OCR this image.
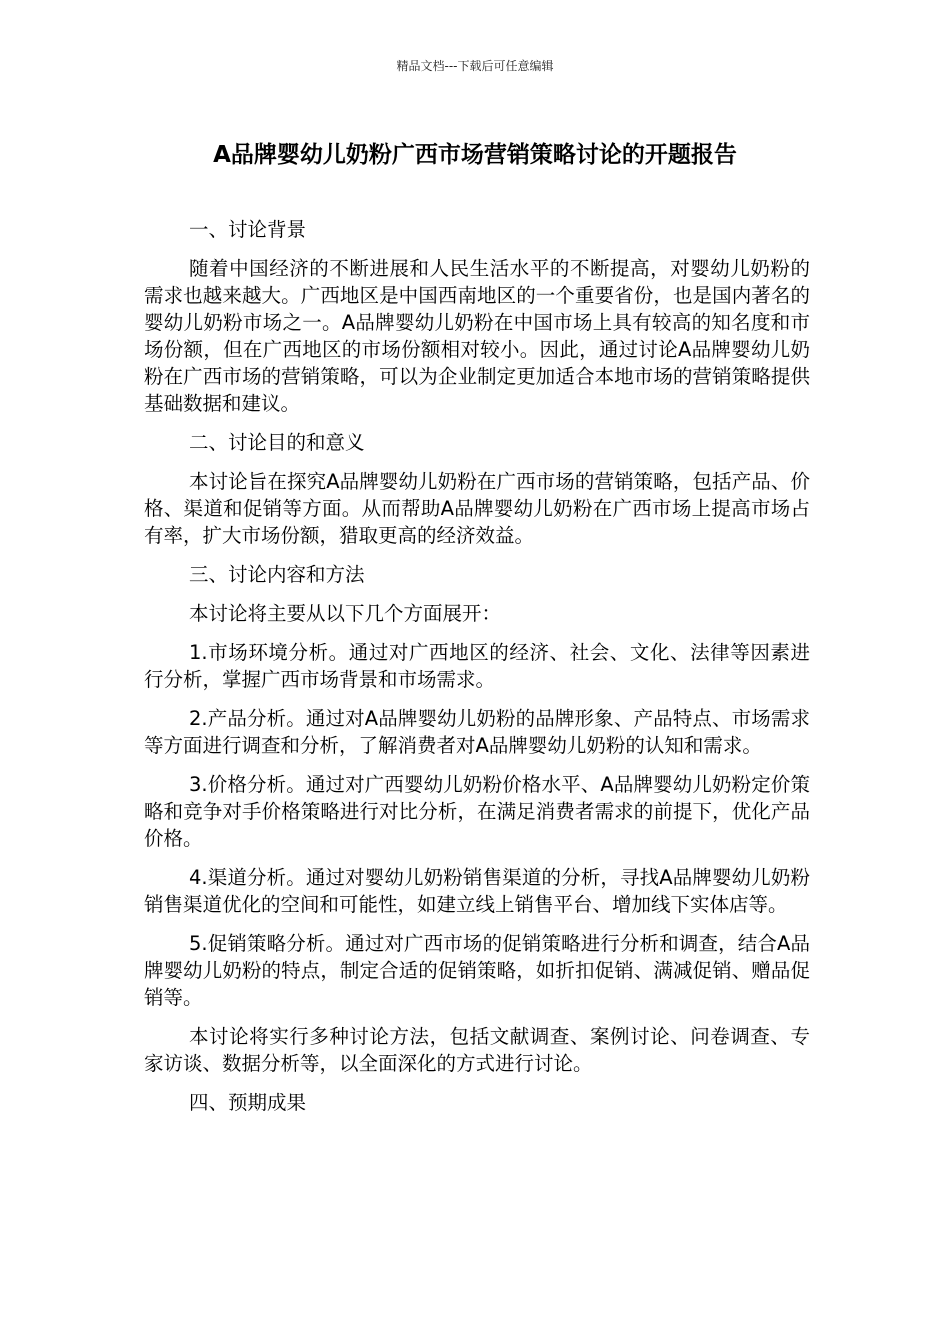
精品文档---下载后可任意编辑
A品牌婴幼儿奶粉广西市场营销策略讨论的开题报告

一、讨论背景

随着中国经济的不断进展和人民生活水平的不断提高，对婴幼儿奶粉的需求也越来越大。广西地区是中国西南地区的一个重要省份，也是国内著名的婴幼儿奶粉市场之一。A品牌婴幼儿奶粉在中国市场上具有较高的知名度和市场份额，但在广西地区的市场份额相对较小。因此，通过讨论A品牌婴幼儿奶粉在广西市场的营销策略，可以为企业制定更加适合本地市场的营销策略提供基础数据和建议。

二、讨论目的和意义

本讨论旨在探究A品牌婴幼儿奶粉在广西市场的营销策略，包括产品、价格、渠道和促销等方面。从而帮助A品牌婴幼儿奶粉在广西市场上提高市场占有率，扩大市场份额，猎取更高的经济效益。

三、讨论内容和方法

本讨论将主要从以下几个方面展开：

1.市场环境分析。通过对广西地区的经济、社会、文化、法律等因素进行分析，掌握广西市场背景和市场需求。

2.产品分析。通过对A品牌婴幼儿奶粉的品牌形象、产品特点、市场需求等方面进行调查和分析，了解消费者对A品牌婴幼儿奶粉的认知和需求。

3.价格分析。通过对广西婴幼儿奶粉价格水平、A品牌婴幼儿奶粉定价策略和竞争对手价格策略进行对比分析，在满足消费者需求的前提下，优化产品价格。

4.渠道分析。通过对婴幼儿奶粉销售渠道的分析，寻找A品牌婴幼儿奶粉销售渠道优化的空间和可能性，如建立线上销售平台、增加线下实体店等。

5.促销策略分析。通过对广西市场的促销策略进行分析和调查，结合A品牌婴幼儿奶粉的特点，制定合适的促销策略，如折扣促销、满减促销、赠品促销等。

本讨论将实行多种讨论方法，包括文献调查、案例讨论、问卷调查、专家访谈、数据分析等，以全面深化的方式进行讨论。

四、预期成果
